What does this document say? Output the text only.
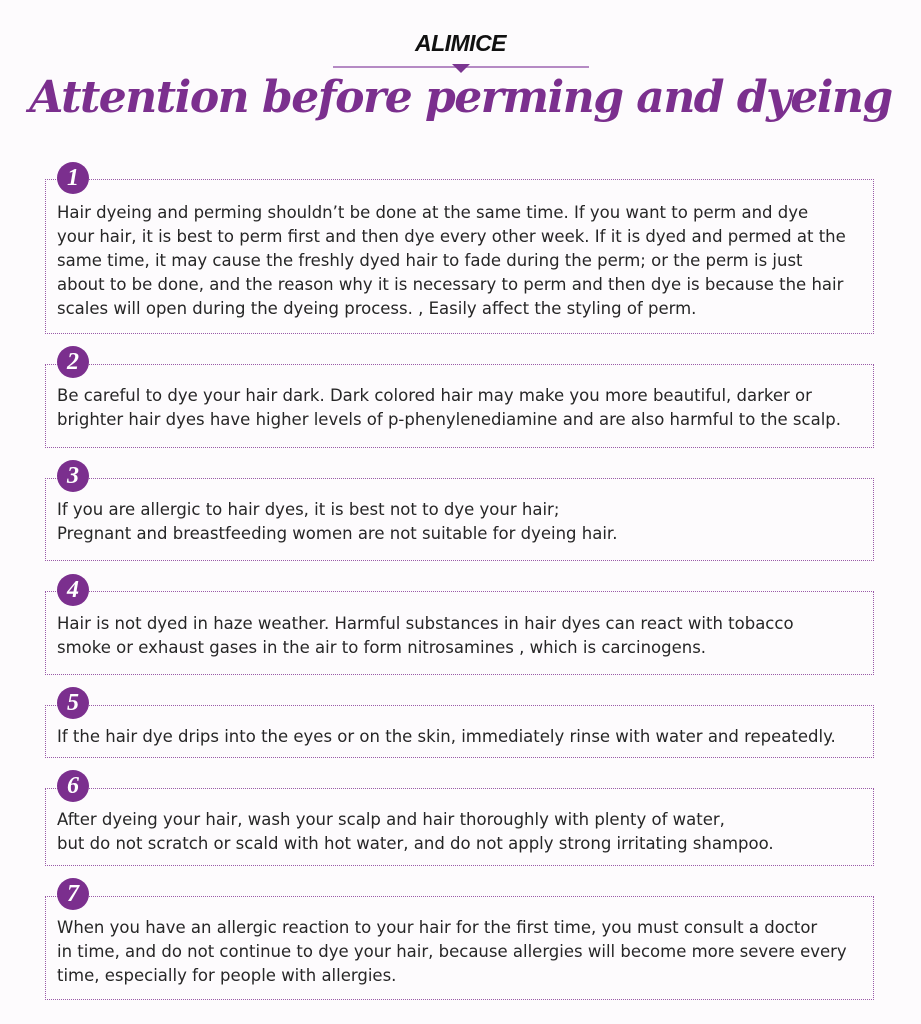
ALIMICE
Attention before perming and dyeing

Hair dyeing and perming shouldn’t be done at the same time. If you want to perm and dye
your hair, it is best to perm first and then dye every other week. If it is dyed and permed at the
same time, it may cause the freshly dyed hair to fade during the perm; or the perm is just
about to be done, and the reason why it is necessary to perm and then dye is because the hair
scales will open during the dyeing process. , Easily affect the styling of perm.

1

Be careful to dye your hair dark. Dark colored hair may make you more beautiful, darker or
brighter hair dyes have higher levels of p-phenylenediamine and are also harmful to the scalp.

2

If you are allergic to hair dyes, it is best not to dye your hair;
Pregnant and breastfeeding women are not suitable for dyeing hair.

3

Hair is not dyed in haze weather. Harmful substances in hair dyes can react with tobacco
smoke or exhaust gases in the air to form nitrosamines , which is carcinogens.

4

If the hair dye drips into the eyes or on the skin, immediately rinse with water and repeatedly.

5

After dyeing your hair, wash your scalp and hair thoroughly with plenty of water,
but do not scratch or scald with hot water, and do not apply strong irritating shampoo.

6

When you have an allergic reaction to your hair for the first time, you must consult a doctor
in time, and do not continue to dye your hair, because allergies will become more severe every
time, especially for people with allergies.

7
